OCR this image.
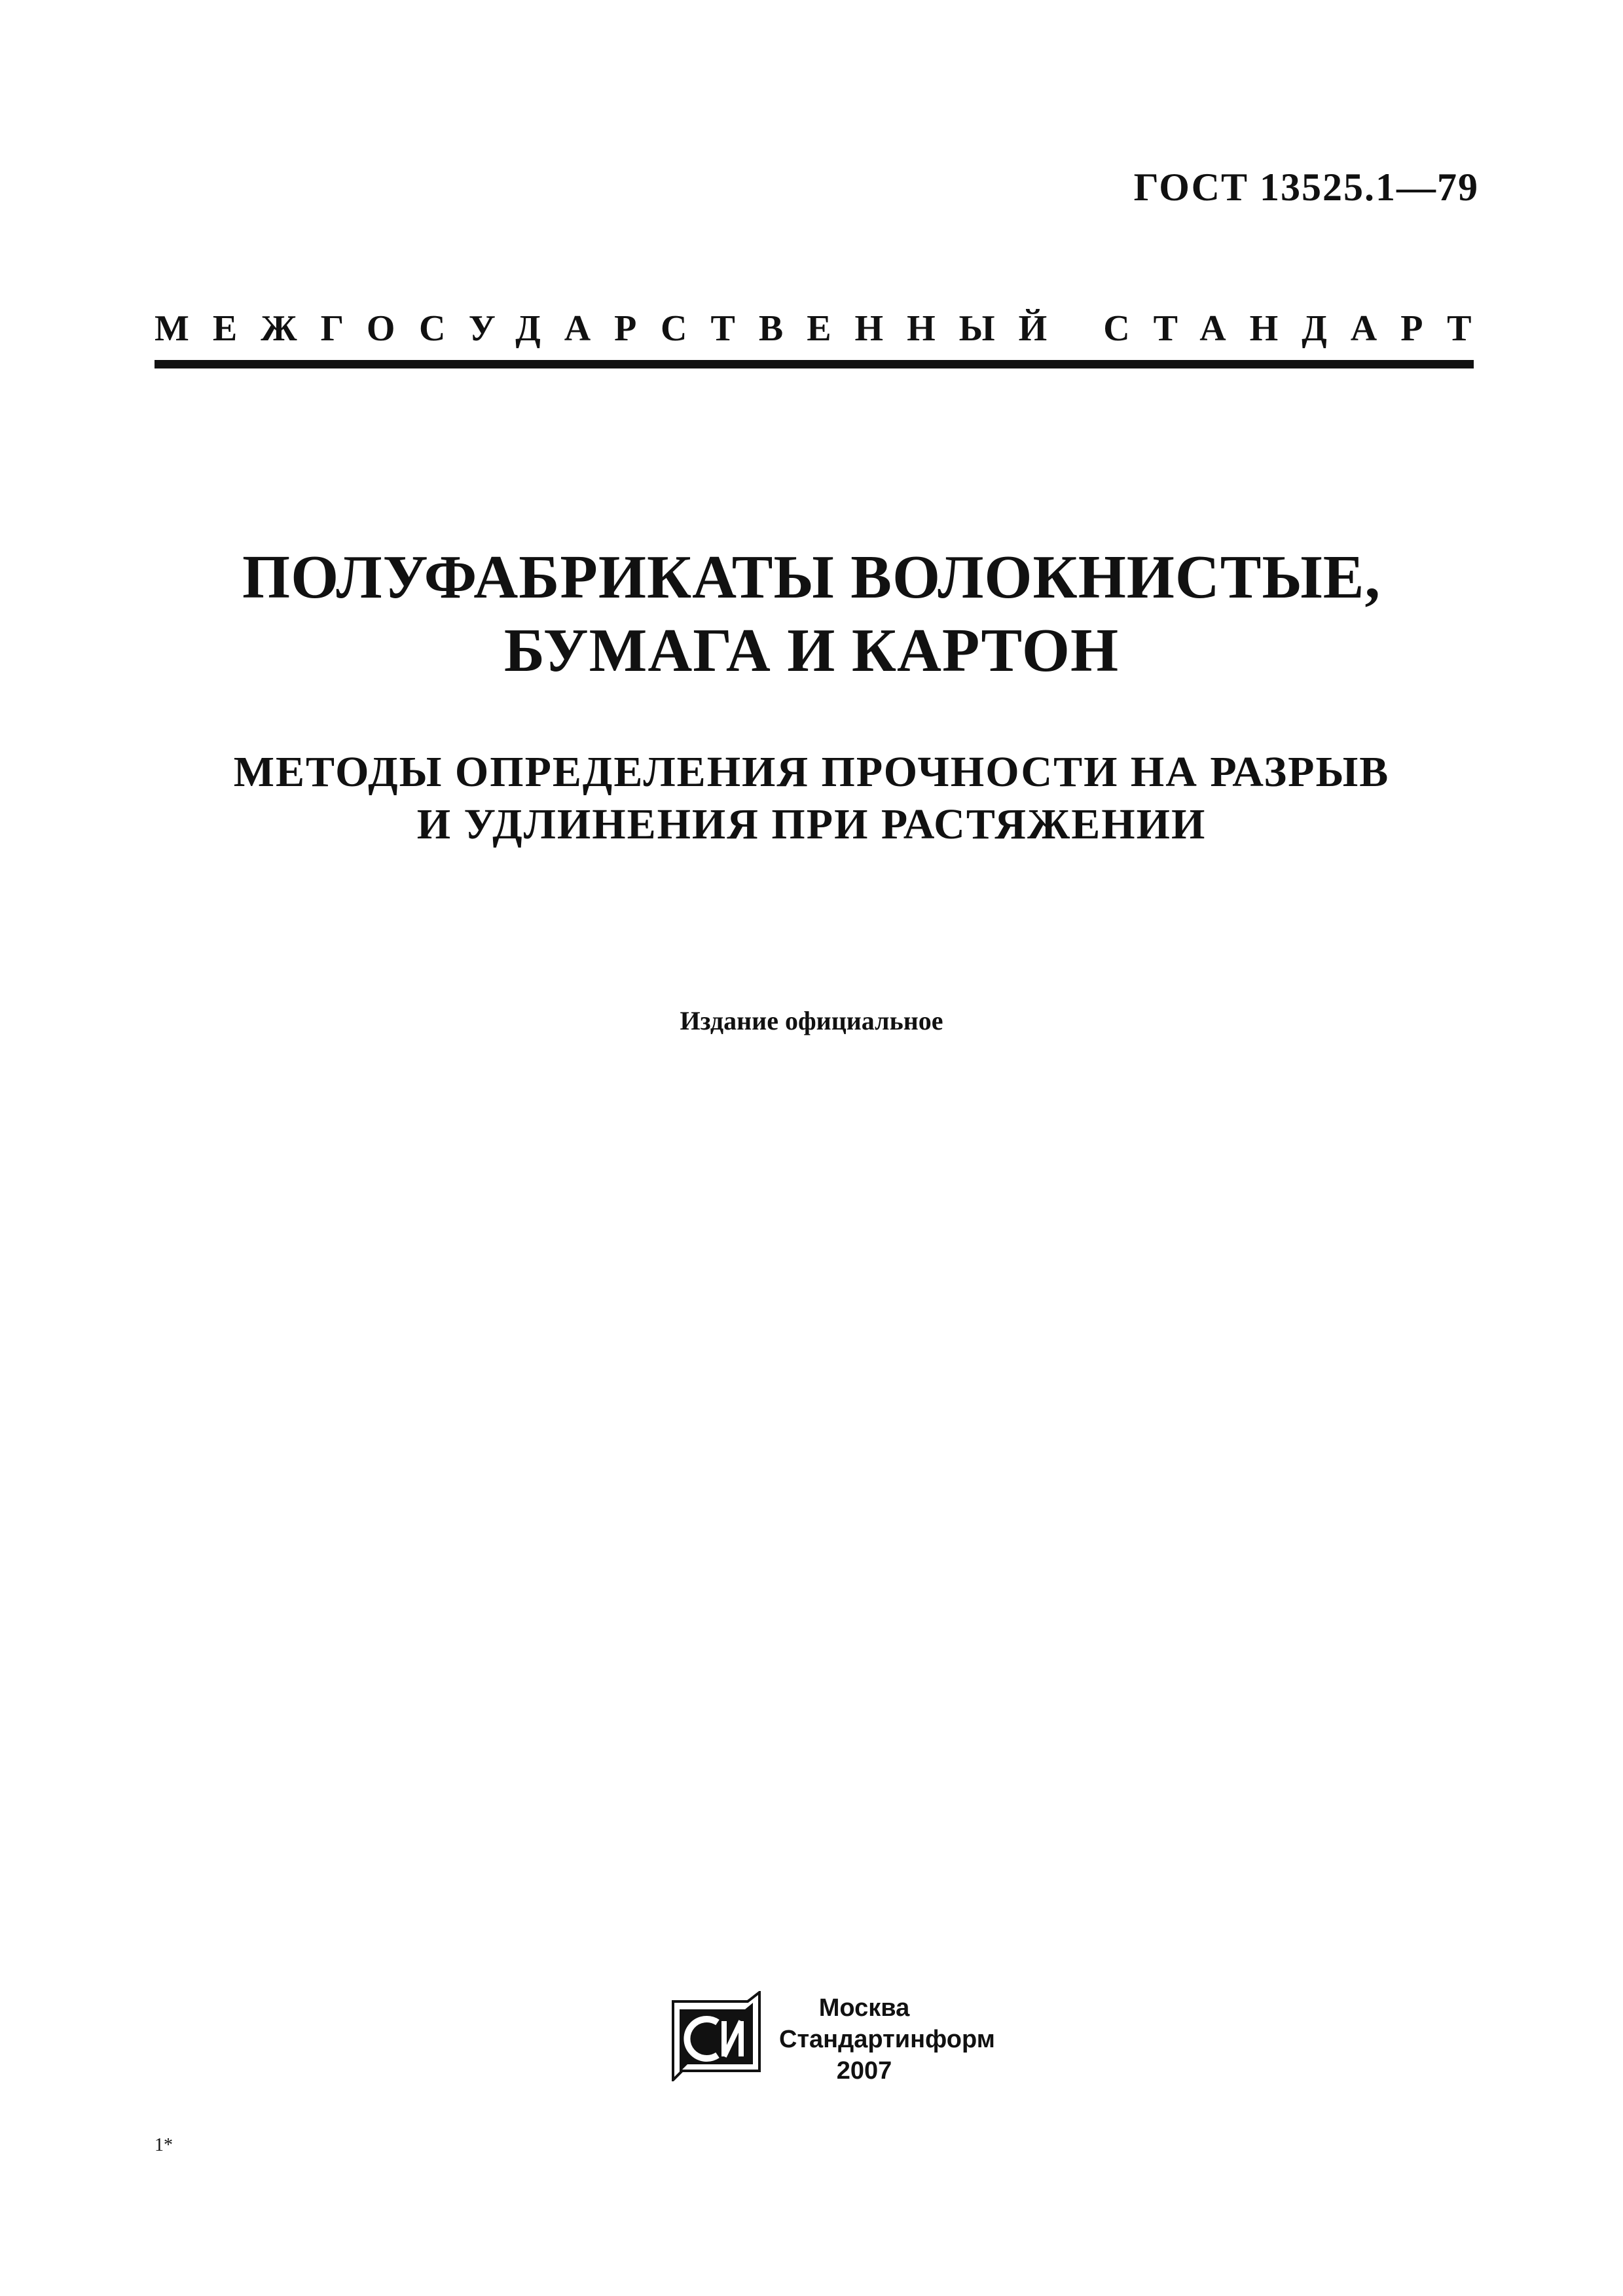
ГОСТ 13525.1—79
МЕЖГОСУДАРСТВЕННЫЙ СТАНДАРТ
ПОЛУФАБРИКАТЫ ВОЛОКНИСТЫЕ,
БУМАГА И КАРТОН
МЕТОДЫ ОПРЕДЕЛЕНИЯ ПРОЧНОСТИ НА РАЗРЫВ
И УДЛИНЕНИЯ ПРИ РАСТЯЖЕНИИ
Издание официальное
Москва
Стандартинформ
2007
1*
